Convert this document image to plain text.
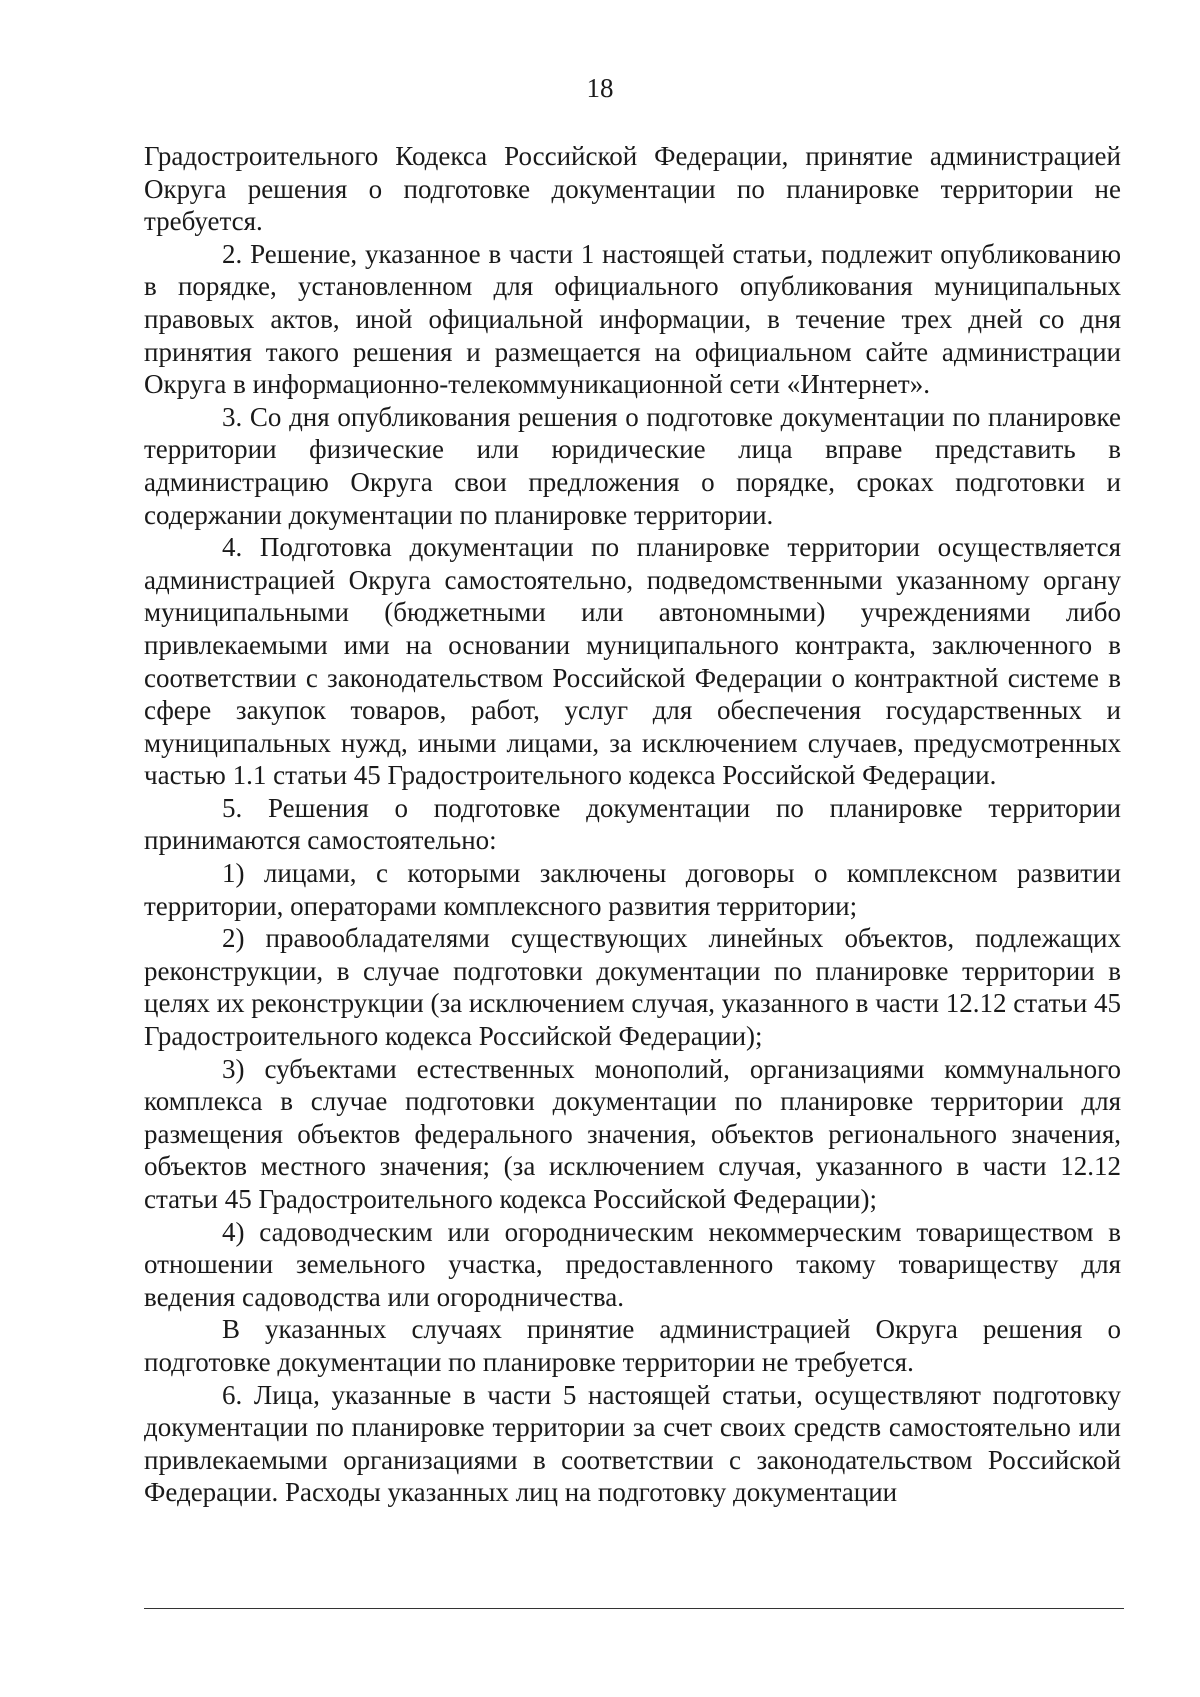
18

Градостроительного Кодекса Российской Федерации, принятие администрацией Округа решения о подготовке документации по планировке территории не требуется.

2. Решение, указанное в части 1 настоящей статьи, подлежит опубликованию в порядке, установленном для официального опубликования муниципальных правовых актов, иной официальной информации, в течение трех дней со дня принятия такого решения и размещается на официальном сайте администрации Округа в информационно-телекоммуникационной сети «Интернет».

3. Со дня опубликования решения о подготовке документации по планировке территории физические или юридические лица вправе представить в администрацию Округа свои предложения о порядке, сроках подготовки и содержании документации по планировке территории.

4. Подготовка документации по планировке территории осуществляется администрацией Округа самостоятельно, подведомственными указанному органу муниципальными (бюджетными или автономными) учреждениями либо привлекаемыми ими на основании муниципального контракта, заключенного в соответствии с законодательством Российской Федерации о контрактной системе в сфере закупок товаров, работ, услуг для обеспечения государственных и муниципальных нужд, иными лицами, за исключением случаев, предусмотренных частью 1.1 статьи 45 Градостроительного кодекса Российской Федерации.

5. Решения о подготовке документации по планировке территории принимаются самостоятельно:

1) лицами, с которыми заключены договоры о комплексном развитии территории, операторами комплексного развития территории;

2) правообладателями существующих линейных объектов, подлежащих реконструкции, в случае подготовки документации по планировке территории в целях их реконструкции (за исключением случая, указанного в части 12.12 статьи 45 Градостроительного кодекса Российской Федерации);

3) субъектами естественных монополий, организациями коммунального комплекса в случае подготовки документации по планировке территории для размещения объектов федерального значения, объектов регионального значения, объектов местного значения; (за исключением случая, указанного в части 12.12 статьи 45 Градостроительного кодекса Российской Федерации);

4) садоводческим или огородническим некоммерческим товариществом в отношении земельного участка, предоставленного такому товариществу для ведения садоводства или огородничества.

В указанных случаях принятие администрацией Округа решения о подготовке документации по планировке территории не требуется.

6. Лица, указанные в части 5 настоящей статьи, осуществляют подготовку документации по планировке территории за счет своих средств самостоятельно или привлекаемыми организациями в соответствии с законодательством Российской Федерации. Расходы указанных лиц на подготовку документации
